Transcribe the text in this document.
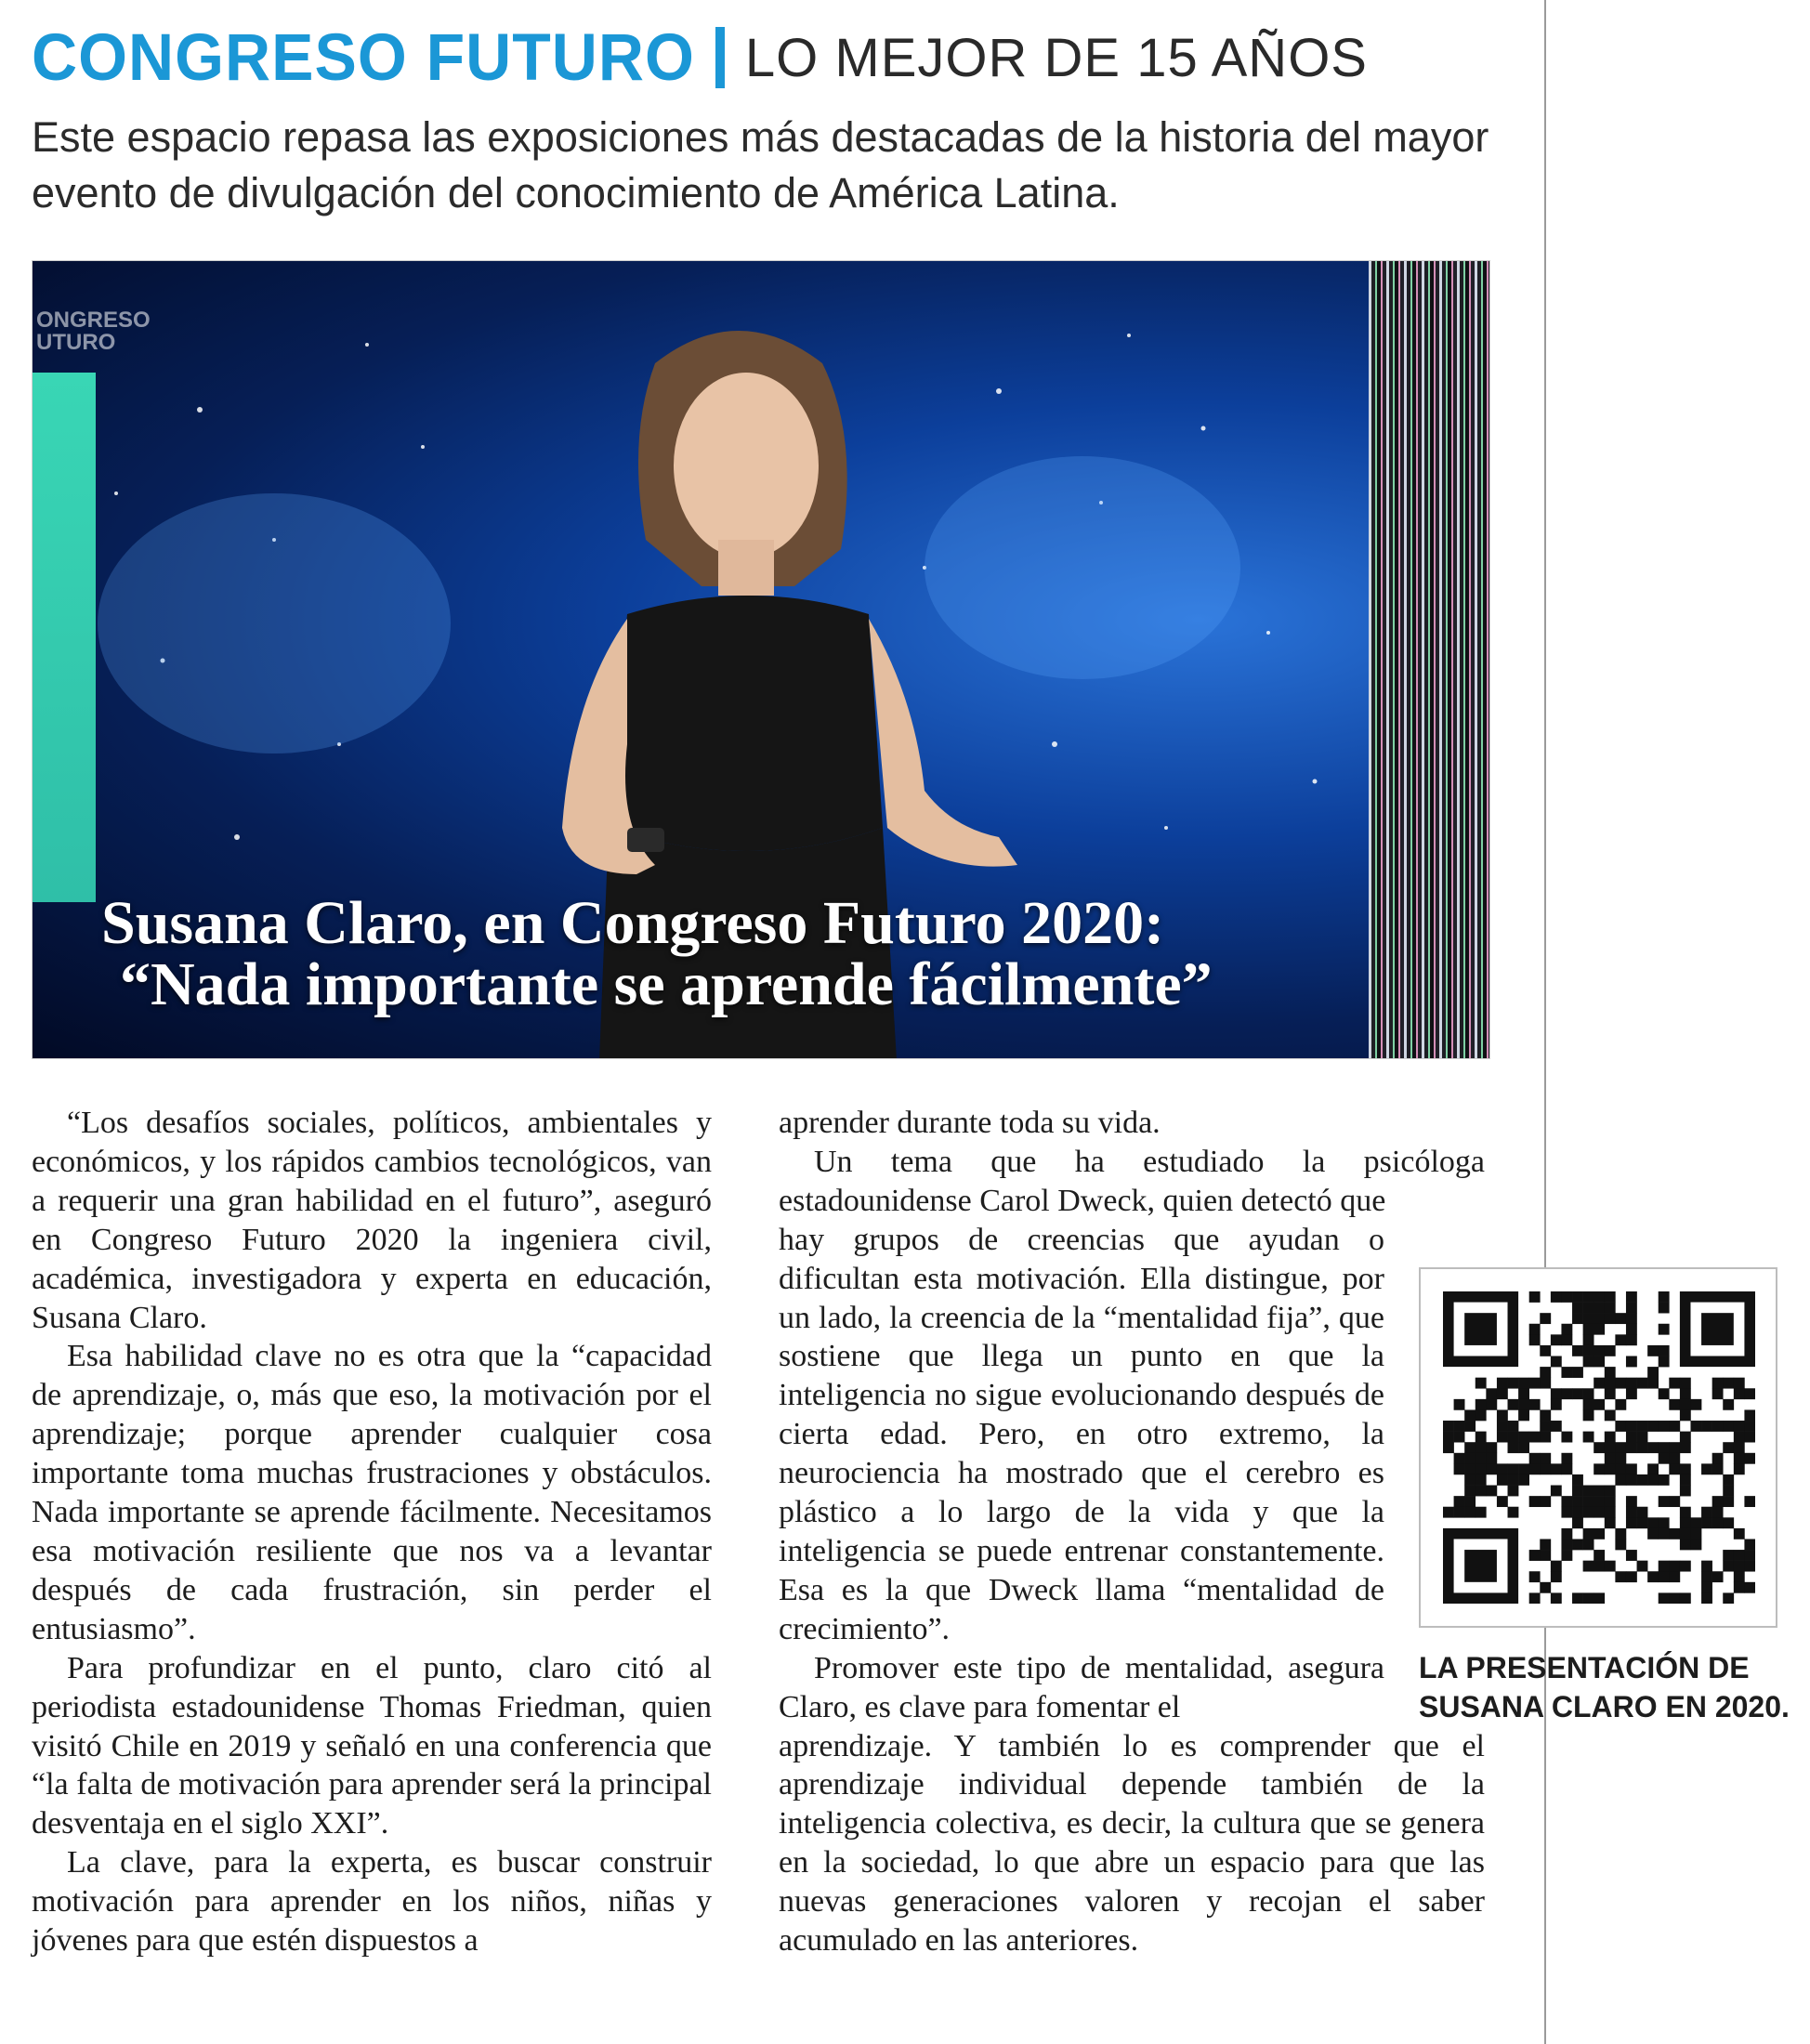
CONGRESO FUTURO LO MEJOR DE 15 AÑOS

Este espacio repasa las exposiciones más destacadas de la historia del mayor evento de divulgación del conocimiento de América Latina.

ONGRESO
UTURO
Susana Claro, en Congreso Futuro 2020:
“Nada importante se aprende fácilmente”

“Los desafíos sociales, políticos, ambientales y económicos, y los rápidos cambios tecnológicos, van a requerir una gran habilidad en el futuro”, aseguró en Congreso Futuro 2020 la ingeniera civil, académica, investigadora y experta en educación, Susana Claro.

Esa habilidad clave no es otra que la “capacidad de aprendizaje, o, más que eso, la motivación por el aprendizaje; porque aprender cualquier cosa importante toma muchas frustraciones y obstáculos. Nada importante se aprende fácilmente. Necesitamos esa motivación resiliente que nos va a levantar después de cada frustración, sin perder el entusiasmo”.

Para profundizar en el punto, claro citó al periodista estadounidense Thomas Friedman, quien visitó Chile en 2019 y señaló en una conferencia que “la falta de motivación para aprender será la principal desventaja en el siglo XXI”.

La clave, para la experta, es buscar construir motivación para aprender en los niños, niñas y jóvenes para que estén dispuestos a

aprender durante toda su vida.

Un tema que ha estudiado la psicóloga estadounidense Carol Dweck, quien detectó que

hay grupos de creencias que ayudan o dificultan esta motivación. Ella distingue, por un lado, la creencia de la “mentalidad fija”, que sostiene que llega un punto en que la inteligencia no sigue evolucionando después de cierta edad. Pero, en otro extremo, la neurociencia ha mostrado que el cerebro es plástico a lo largo de la vida y que la inteligencia se puede entrenar constantemente. Esa es la que Dweck llama “mentalidad de crecimiento”.

Promover este tipo de mentalidad, asegura Claro, es clave para fomentar el

aprendizaje. Y también lo es comprender que el aprendizaje individual depende también de la inteligencia colectiva, es decir, la cultura que se genera en la sociedad, lo que abre un espacio para que las nuevas generaciones valoren y recojan el saber acumulado en las anteriores.

LA PRESENTACIÓN DE
SUSANA CLARO EN 2020.
